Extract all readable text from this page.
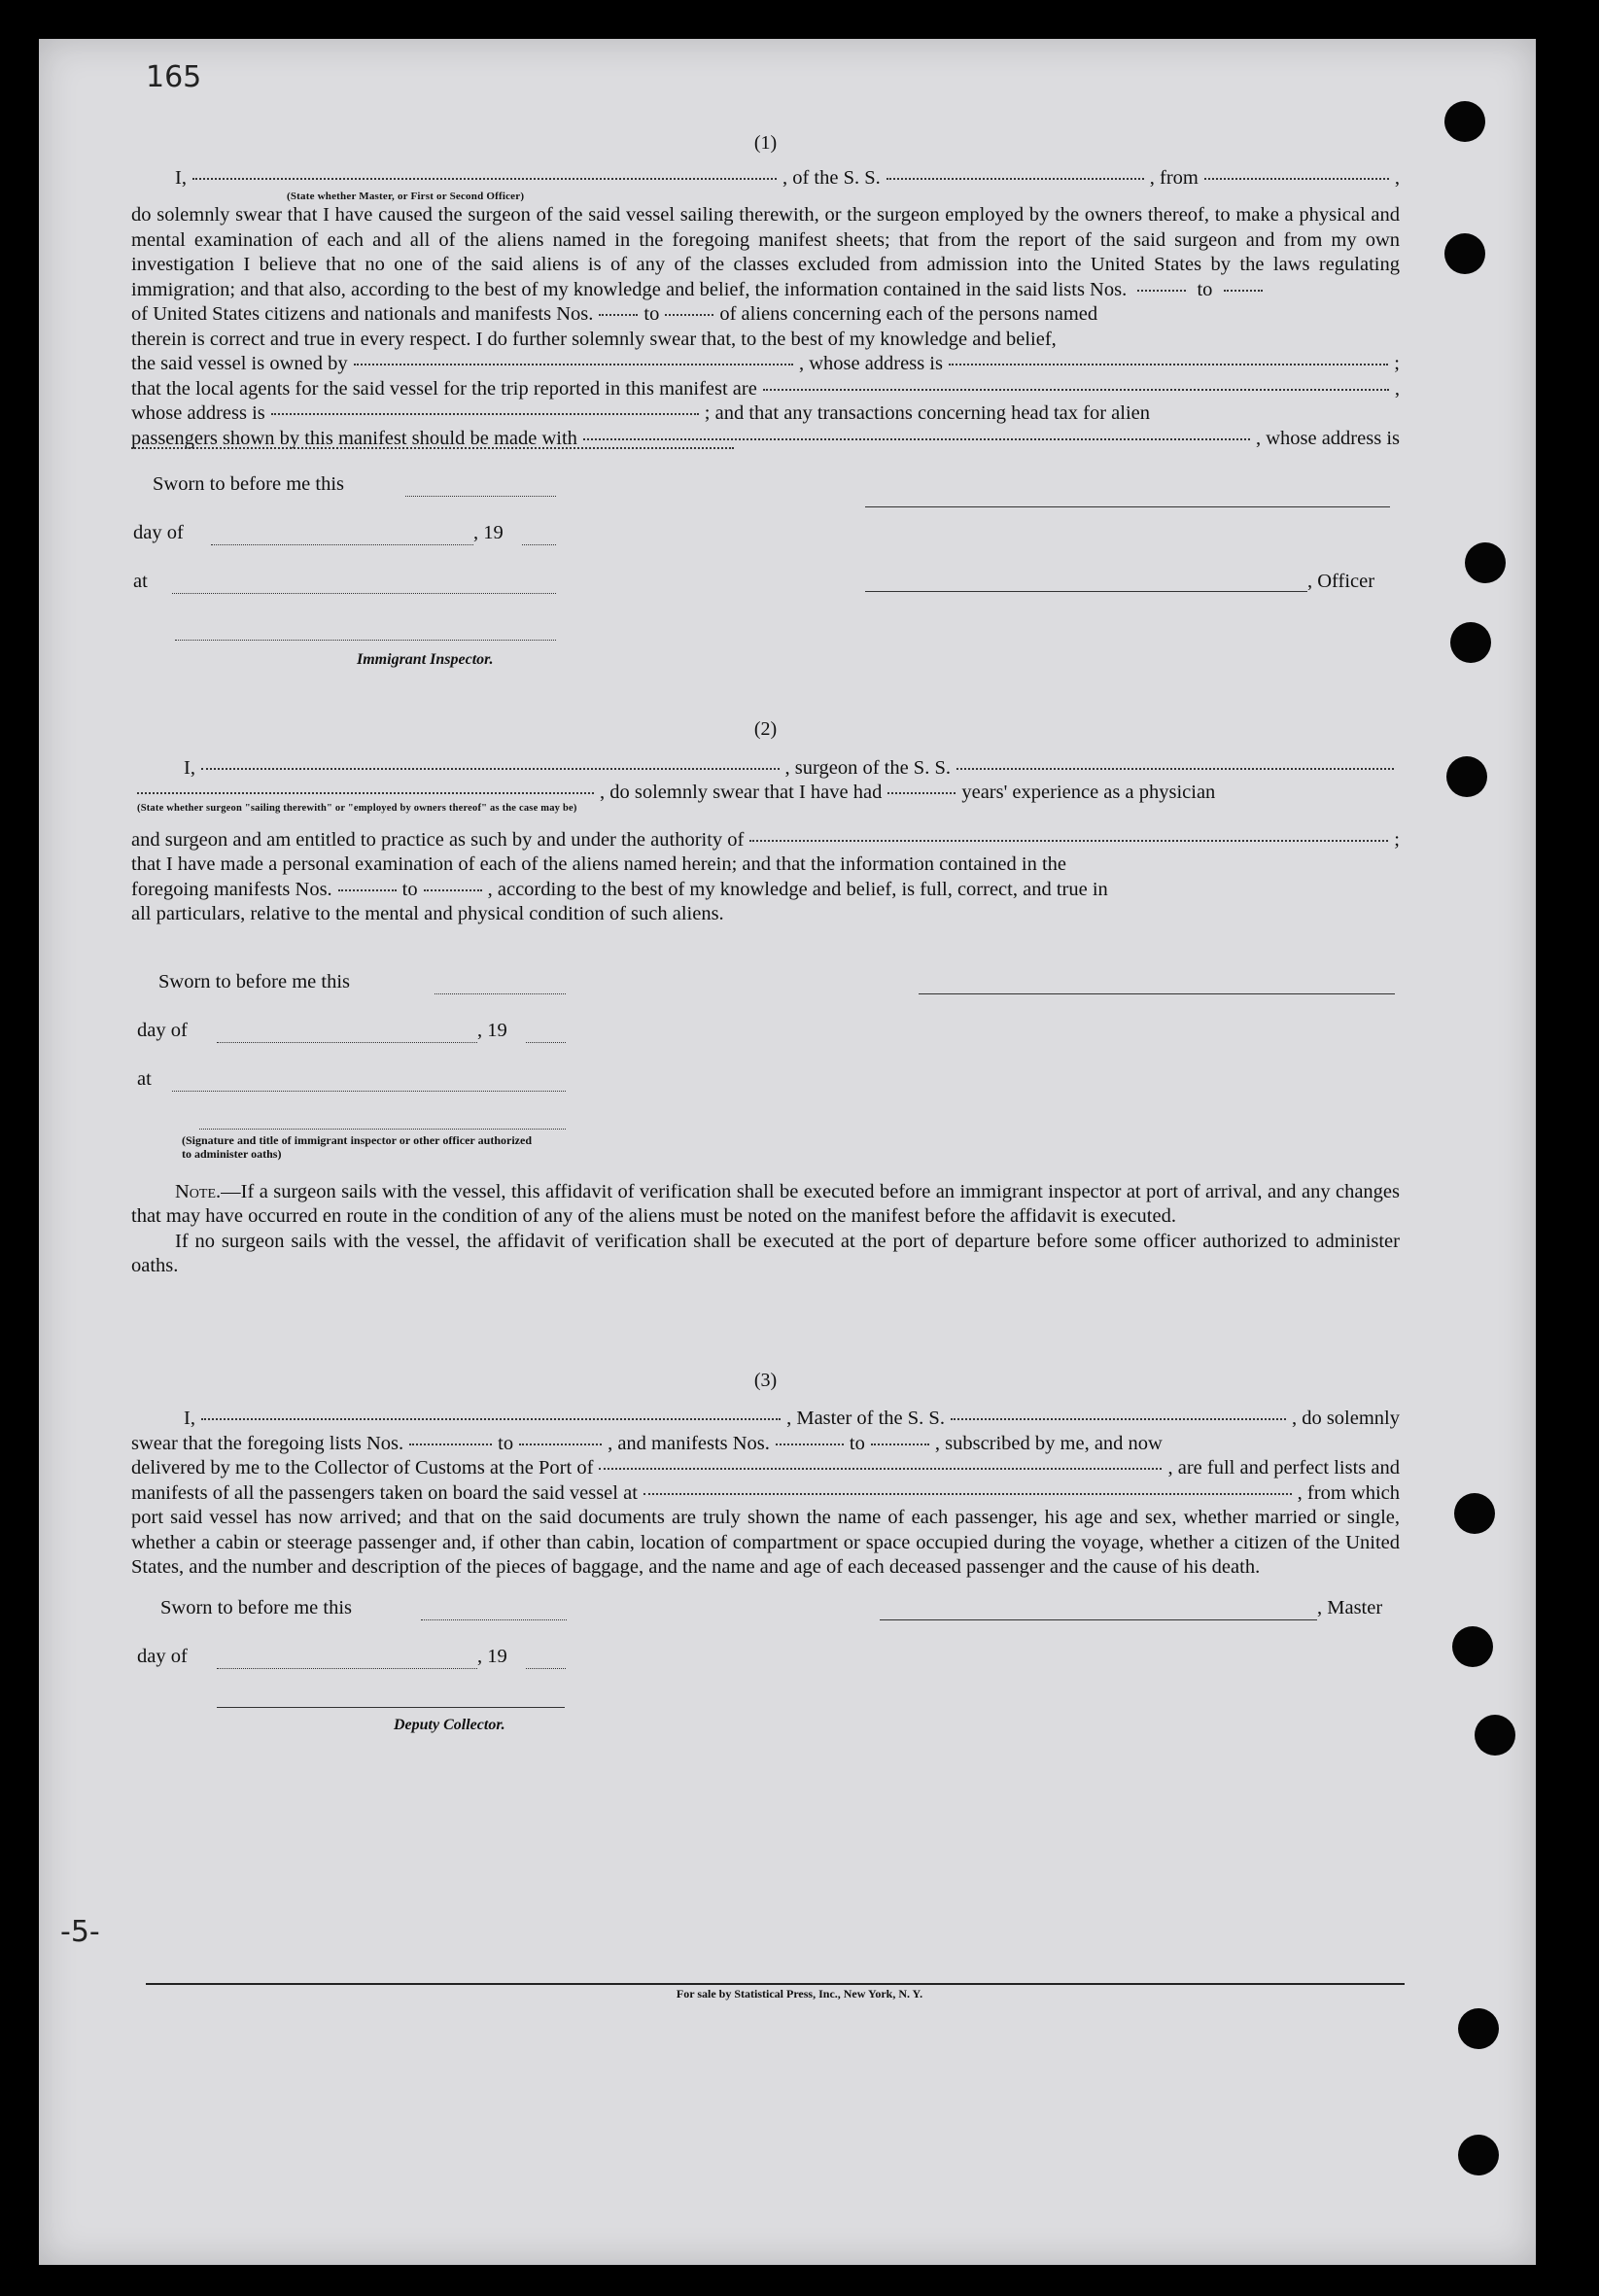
165
-5-

(1)

I,	, of the S. S.	, from	,
(State whether Master, or First or Second Officer)

do solemnly swear that I have caused the surgeon of the said vessel sailing therewith, or the surgeon employed by the owners thereof, to make a physical and mental examination of each and all of the aliens named in the foregoing manifest sheets; that from the report of the said surgeon and from my own investigation I believe that no one of the said aliens is of any of the classes excluded from admission into the United States by the laws regulating immigration; and that also, according to the best of my knowledge and belief, the information contained in the said lists Nos.	to
of United States citizens and nationals and manifests Nos.	to	of aliens concerning each of the persons named

therein is correct and true in every respect. I do further solemnly swear that, to the best of my knowledge and belief,

the said vessel is owned by	, whose address is	;
that the local agents for the said vessel for the trip reported in this manifest are	,
whose address is	; and that any transactions concerning head tax for alien
passengers shown by this manifest should be made with	, whose address is
Sworn to before me this
day of	, 19
at
Immigrant Inspector.
, Officer

(2)

I,	, surgeon of the S. S.
, do solemnly swear that I have had	years' experience as a physician
(State whether surgeon "sailing therewith" or "employed by owners thereof" as the case may be)
and surgeon and am entitled to practice as such by and under the authority of	;

that I have made a personal examination of each of the aliens named herein; and that the information contained in the

foregoing manifests Nos.	to	, according to the best of my knowledge and belief, is full, correct, and true in

all particulars, relative to the mental and physical condition of such aliens.

Sworn to before me this
day of	, 19
at
(Signature and title of immigrant inspector or other officer authorized to administer oaths)

Note.—If a surgeon sails with the vessel, this affidavit of verification shall be executed before an immigrant inspector at port of arrival, and any changes that may have occurred en route in the condition of any of the aliens must be noted on the manifest before the affidavit is executed.

If no surgeon sails with the vessel, the affidavit of verification shall be executed at the port of departure before some officer authorized to administer oaths.

(3)

I,	, Master of the S. S.	, do solemnly
swear that the foregoing lists Nos.	to	, and manifests Nos.	to	, subscribed by me, and now
delivered by me to the Collector of Customs at the Port of	, are full and perfect lists and
manifests of all the passengers taken on board the said vessel at	, from which

port said vessel has now arrived; and that on the said documents are truly shown the name of each passenger, his age and sex, whether married or single, whether a cabin or steerage passenger and, if other than cabin, location of compartment or space occupied during the voyage, whether a citizen of the United States, and the number and description of the pieces of baggage, and the name and age of each deceased passenger and the cause of his death.

Sworn to before me this	, Master
day of	, 19
Deputy Collector.
For sale by Statistical Press, Inc., New York, N. Y.
